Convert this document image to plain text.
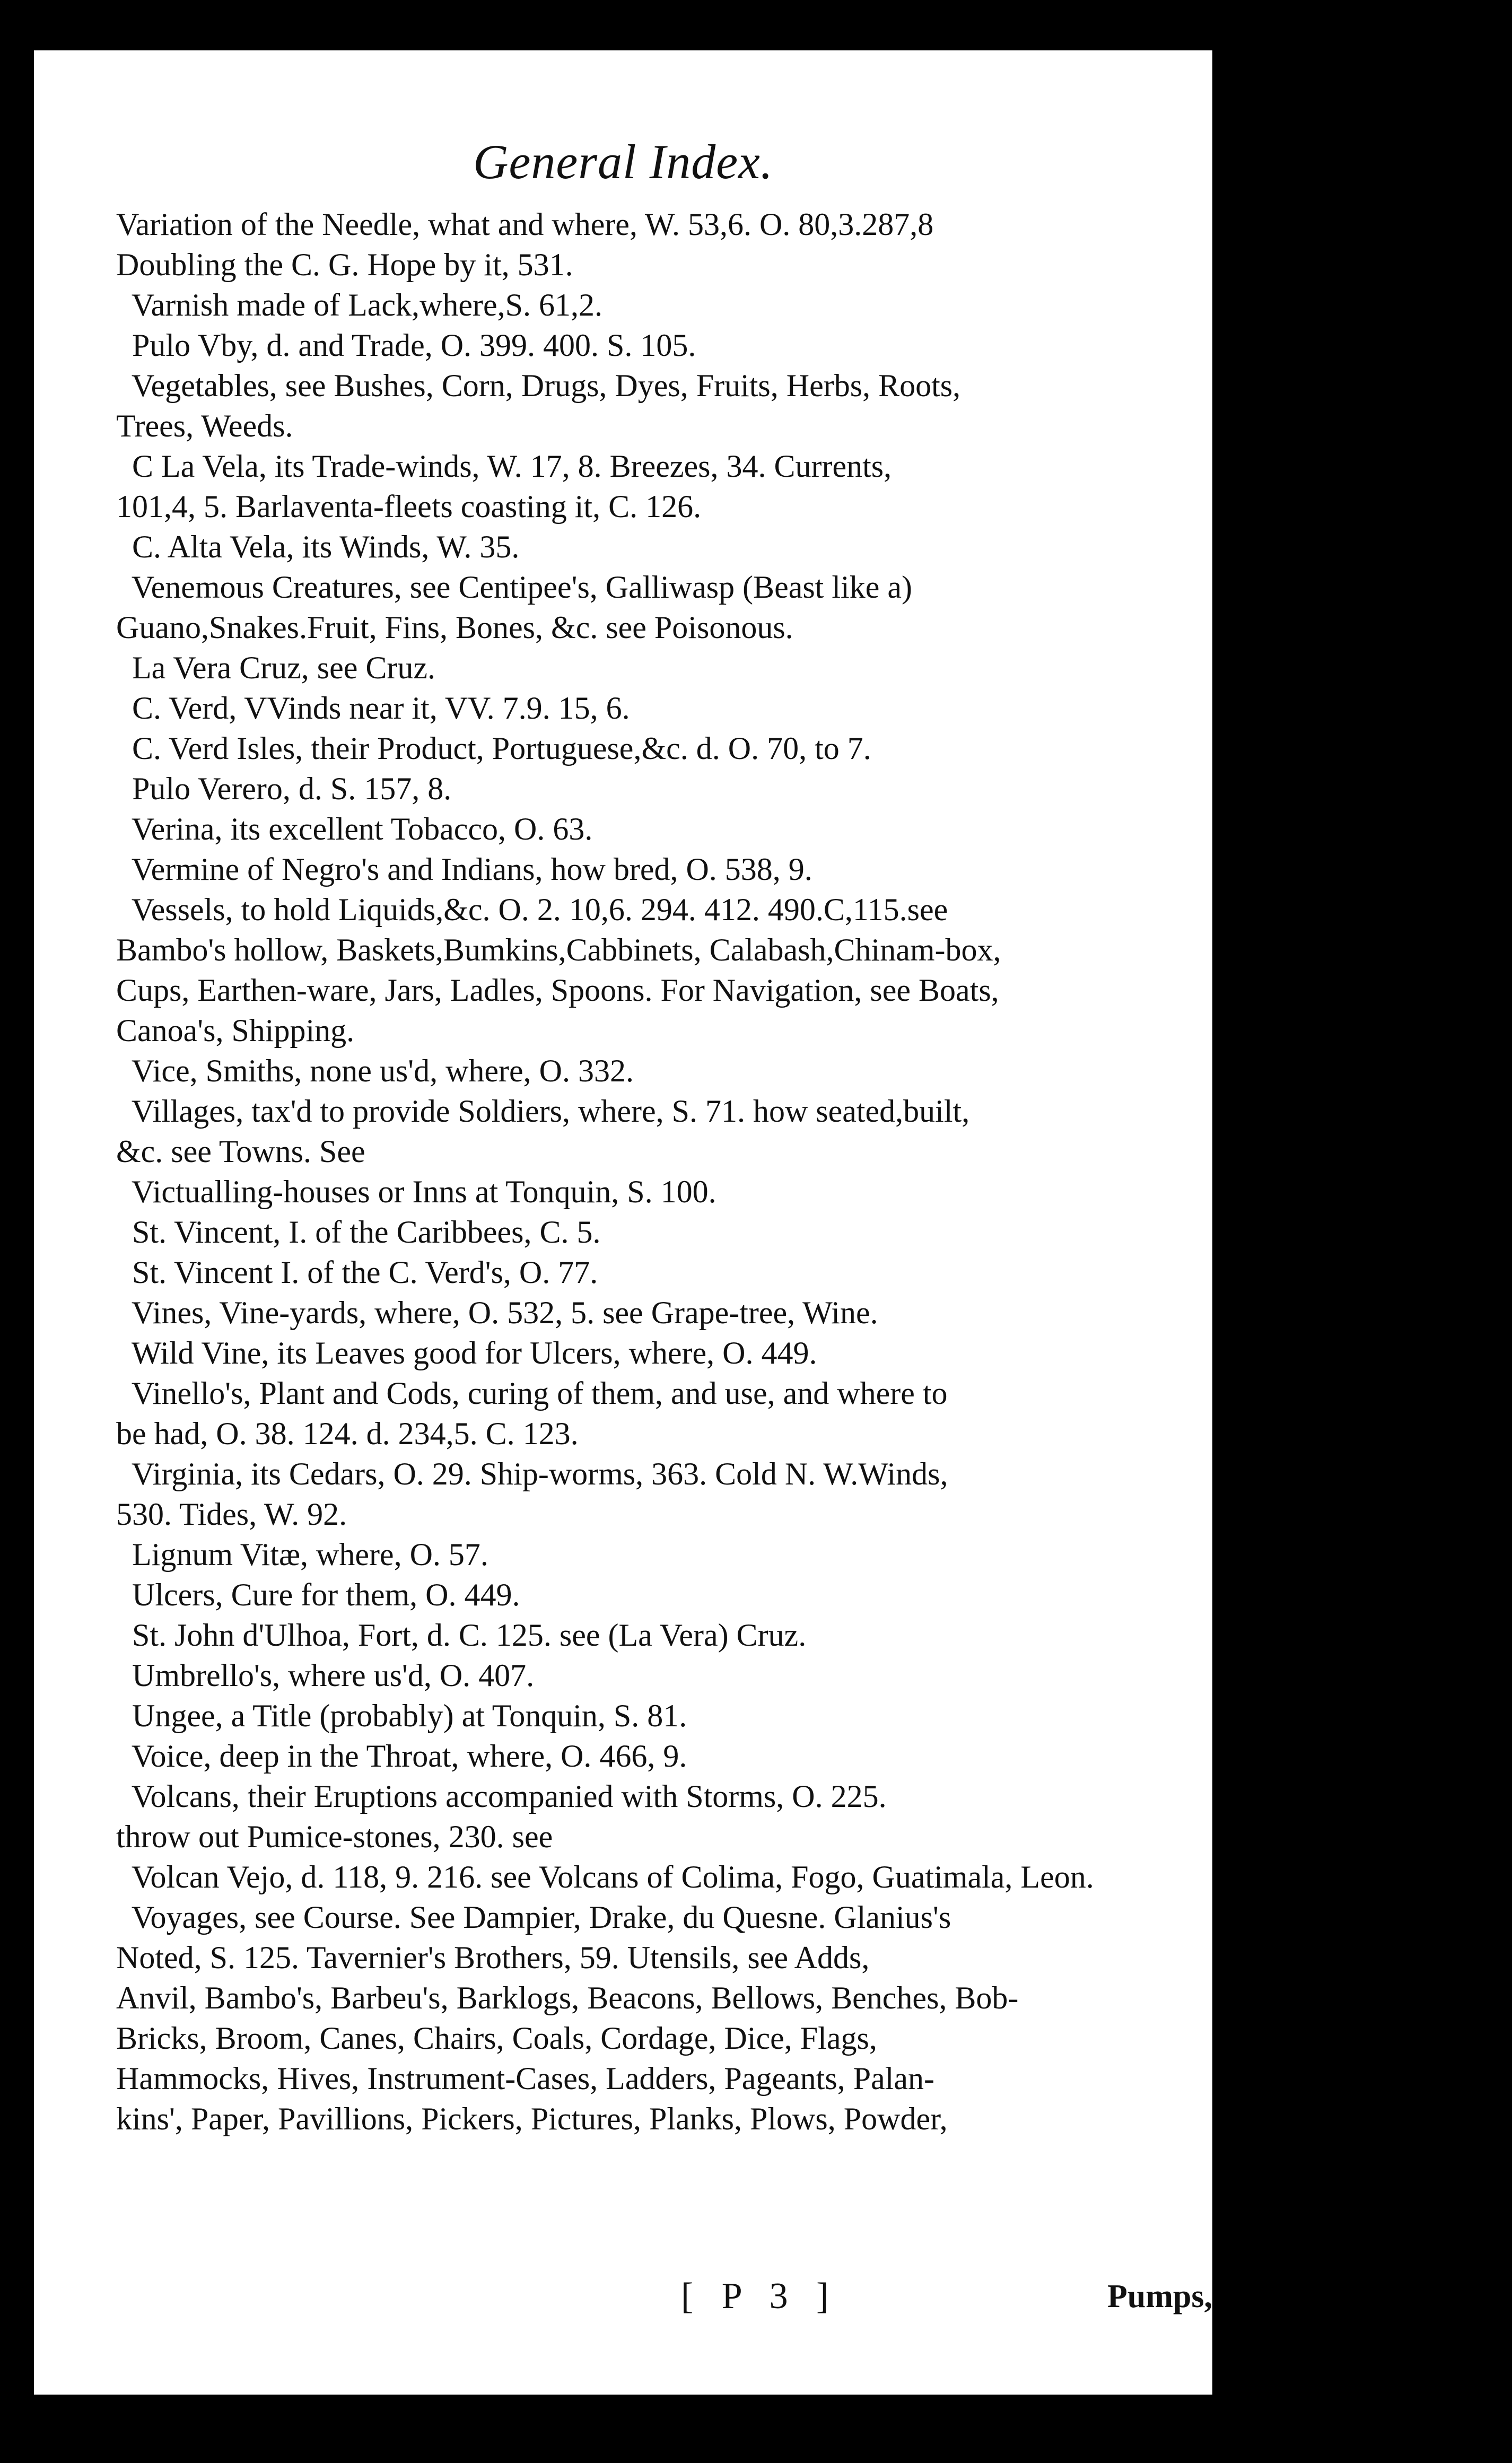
General Index.
Variation of the Needle, what and where, W. 53,6. O. 80,3.287,8
Doubling the C. G. Hope by it, 531.
Varnish made of Lack,where,S. 61,2.
Pulo Vby, d. and Trade, O. 399. 400. S. 105.
Vegetables, see Bushes, Corn, Drugs, Dyes, Fruits, Herbs, Roots,
Trees, Weeds.
C La Vela, its Trade-winds, W. 17, 8. Breezes, 34. Currents,
101,4, 5. Barlaventa-fleets coasting it, C. 126.
C. Alta Vela, its Winds, W. 35.
Venemous Creatures, see Centipee's, Galliwasp (Beast like a)
Guano,Snakes.Fruit, Fins, Bones, &c. see Poisonous.
La Vera Cruz, see Cruz.
C. Verd, VVinds near it, VV. 7.9. 15, 6.
C. Verd Isles, their Product, Portuguese,&c. d. O. 70, to 7.
Pulo Verero, d. S. 157, 8.
Verina, its excellent Tobacco, O. 63.
Vermine of Negro's and Indians, how bred, O. 538, 9.
Vessels, to hold Liquids,&c. O. 2. 10,6. 294. 412. 490.C,115.see
Bambo's hollow, Baskets,Bumkins,Cabbinets, Calabash,Chinam-box,
Cups, Earthen-ware, Jars, Ladles, Spoons. For Navigation, see Boats,
Canoa's, Shipping.
Vice, Smiths, none us'd, where, O. 332.
Villages, tax'd to provide Soldiers, where, S. 71. how seated,built,
&c. see Towns. See
Victualling-houses or Inns at Tonquin, S. 100.
St. Vincent, I. of the Caribbees, C. 5.
St. Vincent I. of the C. Verd's, O. 77.
Vines, Vine-yards, where, O. 532, 5. see Grape-tree, Wine.
Wild Vine, its Leaves good for Ulcers, where, O. 449.
Vinello's, Plant and Cods, curing of them, and use, and where to
be had, O. 38. 124. d. 234,5. C. 123.
Virginia, its Cedars, O. 29. Ship-worms, 363. Cold N. W.Winds,
530. Tides, W. 92.
Lignum Vitæ, where, O. 57.
Ulcers, Cure for them, O. 449.
St. John d'Ulhoa, Fort, d. C. 125. see (La Vera) Cruz.
Umbrello's, where us'd, O. 407.
Ungee, a Title (probably) at Tonquin, S. 81.
Voice, deep in the Throat, where, O. 466, 9.
Volcans, their Eruptions accompanied with Storms, O. 225.
throw out Pumice-stones, 230. see
Volcan Vejo, d. 118, 9. 216. see Volcans of Colima, Fogo, Guatimala, Leon.
Voyages, see Course. See Dampier, Drake, du Quesne. Glanius's
Noted, S. 125. Tavernier's Brothers, 59. Utensils, see Adds,
Anvil, Bambo's, Barbeu's, Barklogs, Beacons, Bellows, Benches, Bob-
Bricks, Broom, Canes, Chairs, Coals, Cordage, Dice, Flags,
Hammocks, Hives, Instrument-Cases, Ladders, Pageants, Palan-
kins', Paper, Pavillions, Pickers, Pictures, Planks, Plows, Powder,
[ P 3 ]	Pumps,
